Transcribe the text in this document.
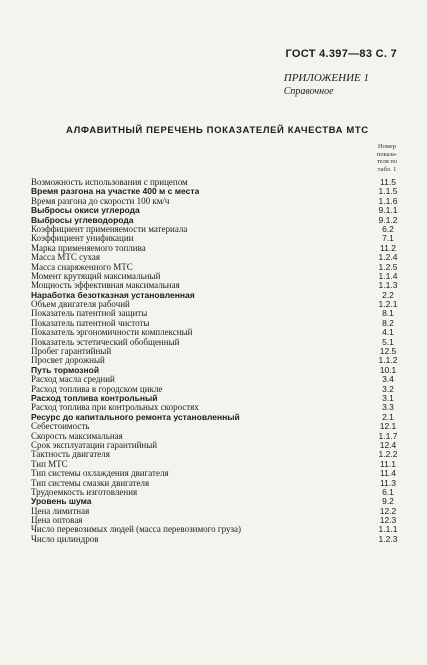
ГОСТ 4.397—83 С. 7
ПРИЛОЖЕНИЕ 1
Справочное
АЛФАВИТНЫЙ ПЕРЕЧЕНЬ ПОКАЗАТЕЛЕЙ КАЧЕСТВА МТС
Номер
показа-
теля по
табл. 1
Возможность использования с прицепом	11.5
Время разгона на участке 400 м с места	1.1.5
Время разгона до скорости 100 км/ч	1.1.6
Выбросы окиси углерода	9.1.1
Выбросы углеводорода	9.1.2
Коэффициент применяемости материала	6.2
Коэффициент унификации	7.1
Марка применяемого топлива	11.2
Масса МТС сухая	1.2.4
Масса снаряженного МТС	1.2.5
Момент крутящий максимальный	1.1.4
Мощность эффективная максимальная	1.1.3
Наработка безотказная установленная	2.2
Объем двигателя рабочий	1.2.1
Показатель патентной защиты	8.1
Показатель патентной чистоты	8.2
Показатель эргономичности комплексный	4.1
Показатель эстетический обобщенный	5.1
Пробег гарантийный	12.5
Просвет дорожный	1.1.2
Путь тормозной	10.1
Расход масла средний	3.4
Расход топлива в городском цикле	3.2
Расход топлива контрольный	3.1
Расход топлива при контрольных скоростях	3.3
Ресурс до капитального ремонта установленный	2.1
Себестоимость	12.1
Скорость максимальная	1.1.7
Срок эксплуатации гарантийный	12.4
Тактность двигателя	1.2.2
Тип МТС	11.1
Тип системы охлаждения двигателя	11.4
Тип системы смазки двигателя	11.3
Трудоемкость изготовления	6.1
Уровень шума	9.2
Цена лимитная	12.2
Цена оптовая	12.3
Число перевозимых людей (масса перевозимого груза)	1.1.1
Число цилиндров	1.2.3
